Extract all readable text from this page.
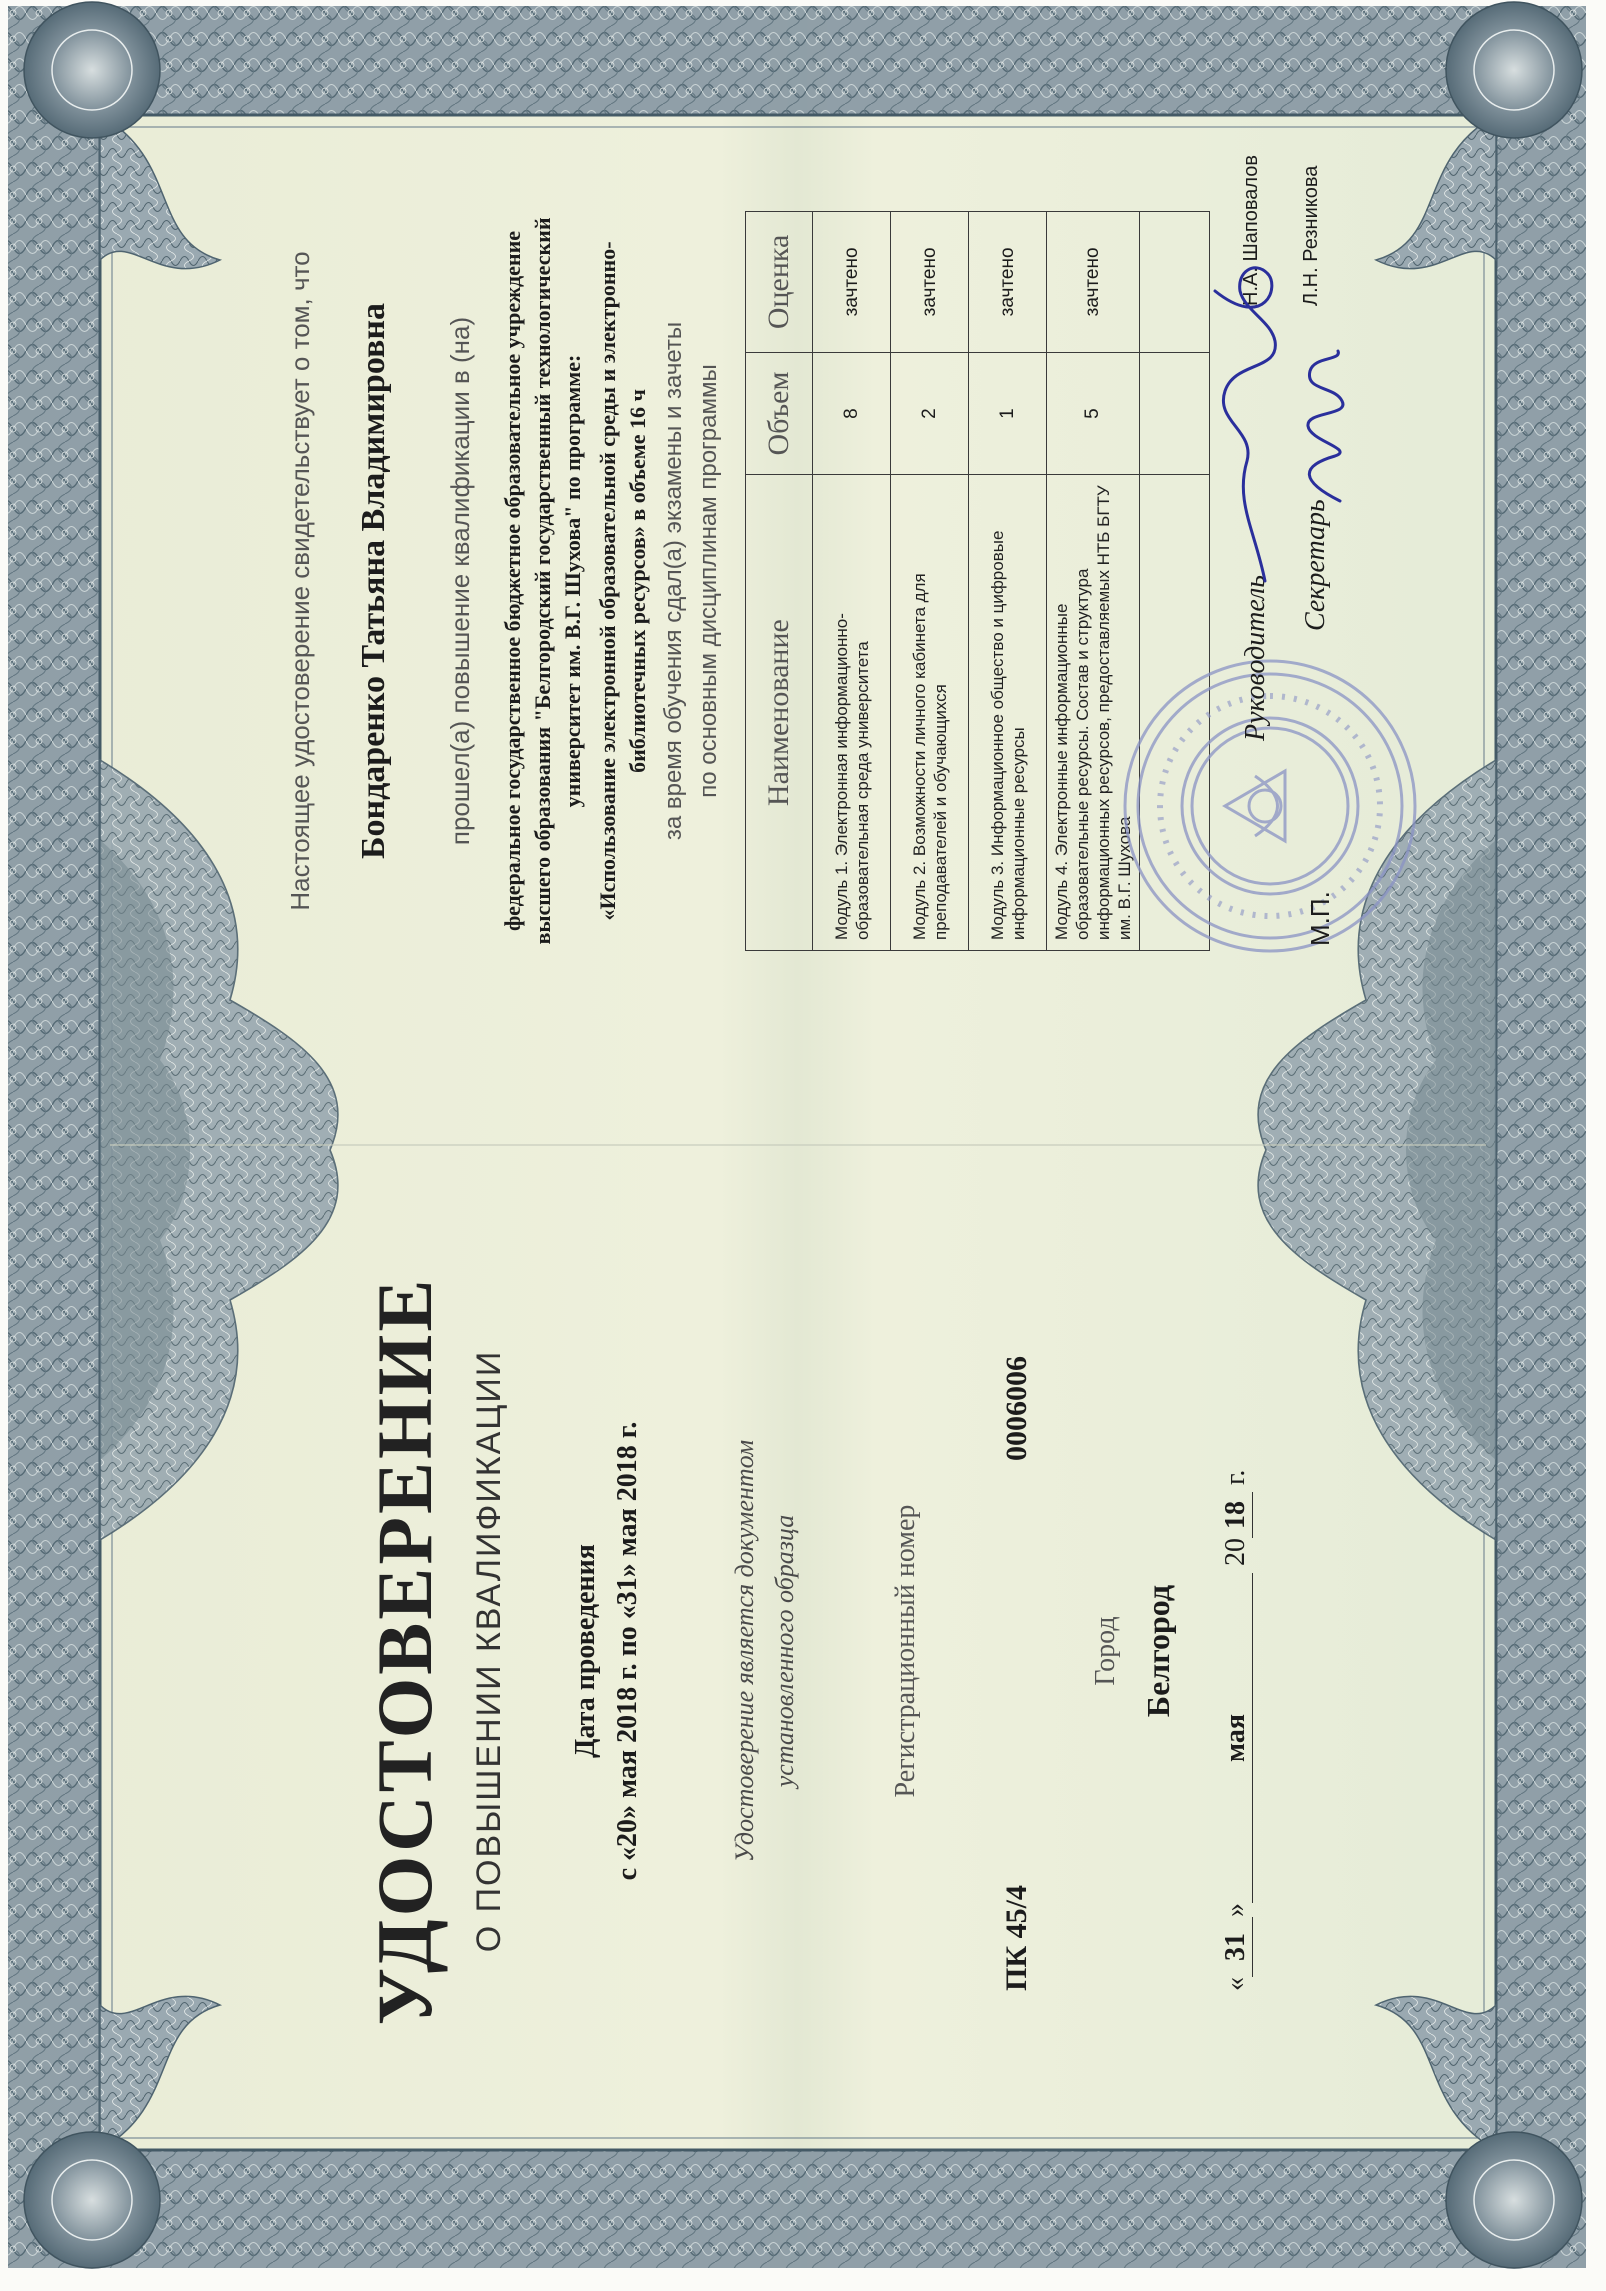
УДОСТОВЕРЕНИЕ О ПОВЫШЕНИИ КВАЛИФИКАЦИИ Дата проведения с «20» мая 2018 г. по «31» мая 2018 г.	Удостоверение является документом установленного образца	Регистрационный номер
ПК 45/4
0006006
Город Белгород
«31»мая 2018 г.
Настоящее удостоверение свидетельствует о том, что Бондаренко Татьяна Владимировна прошел(а) повышение квалификации в (на) федеральное государственное бюджетное образовательное учреждение высшего образования "Белгородский государственный технологический университет им. В.Г. Шухова" по программе: «Использование электронной образовательной среды и электронно- библиотечных ресурсов» в объеме 16 ч за время обучения сдал(а) экзамены и зачеты по основным дисциплинам программы Наименование	Объем	Оценка
Модуль 1. Электронная информационно-образовательная среда университета	8	зачтено
Модуль 2. Возможности личного кабинета для преподавателей и обучающихся	2	зачтено
Модуль 3. Информационное общество и цифровые информационные ресурсы	1	зачтено
Модуль 4. Электронные информационные образовательные ресурсы. Состав и структура информационных ресурсов, предоставляемых НТБ БГТУ им. В.Г. Шухова	5	зачтено

Руководитель
Н.А. Шаповалов
М.П.
Секретарь
Л.Н. Резникова
